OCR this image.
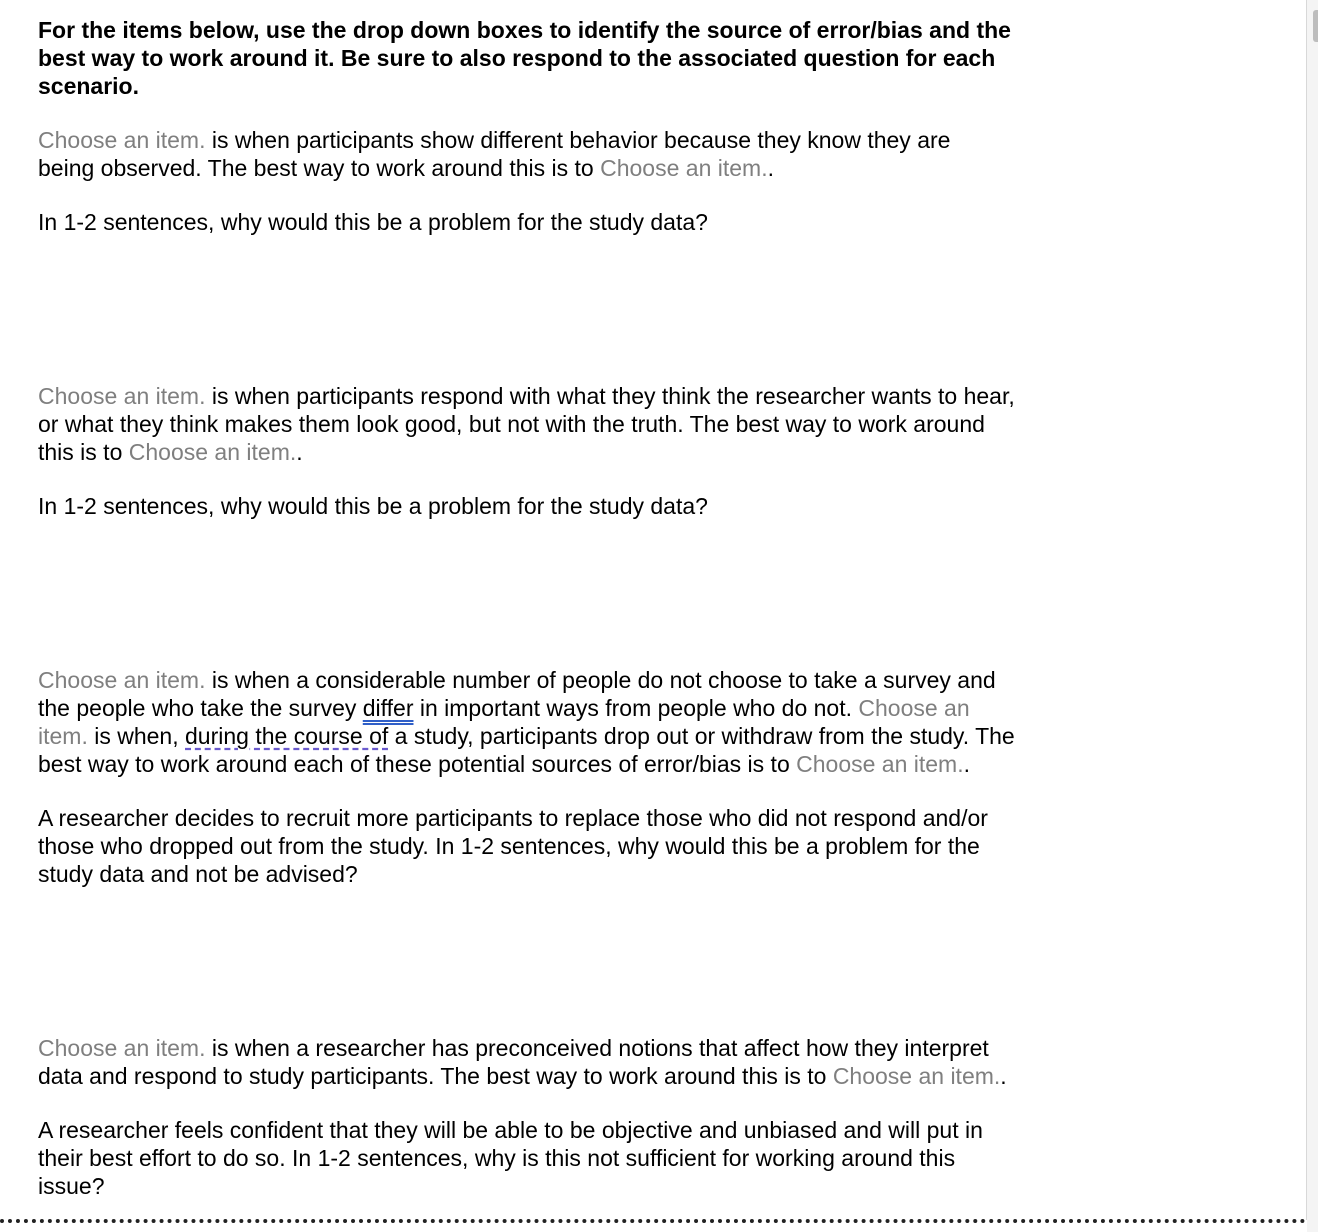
For the items below, use the drop down boxes to identify the source of error/bias and the
best way to work around it. Be sure to also respond to the associated question for each
scenario.

Choose an item. is when participants show different behavior because they know they are
being observed. The best way to work around this is to Choose an item..

In 1-2 sentences, why would this be a problem for the study data?

Choose an item. is when participants respond with what they think the researcher wants to hear,
or what they think makes them look good, but not with the truth. The best way to work around
this is to Choose an item..

In 1-2 sentences, why would this be a problem for the study data?

Choose an item. is when a considerable number of people do not choose to take a survey and
the people who take the survey differ in important ways from people who do not. Choose an
item. is when, during the course of a study, participants drop out or withdraw from the study. The
best way to work around each of these potential sources of error/bias is to Choose an item..

A researcher decides to recruit more participants to replace those who did not respond and/or
those who dropped out from the study. In 1-2 sentences, why would this be a problem for the
study data and not be advised?

Choose an item. is when a researcher has preconceived notions that affect how they interpret
data and respond to study participants. The best way to work around this is to Choose an item..

A researcher feels confident that they will be able to be objective and unbiased and will put in
their best effort to do so. In 1-2 sentences, why is this not sufficient for working around this
issue?
